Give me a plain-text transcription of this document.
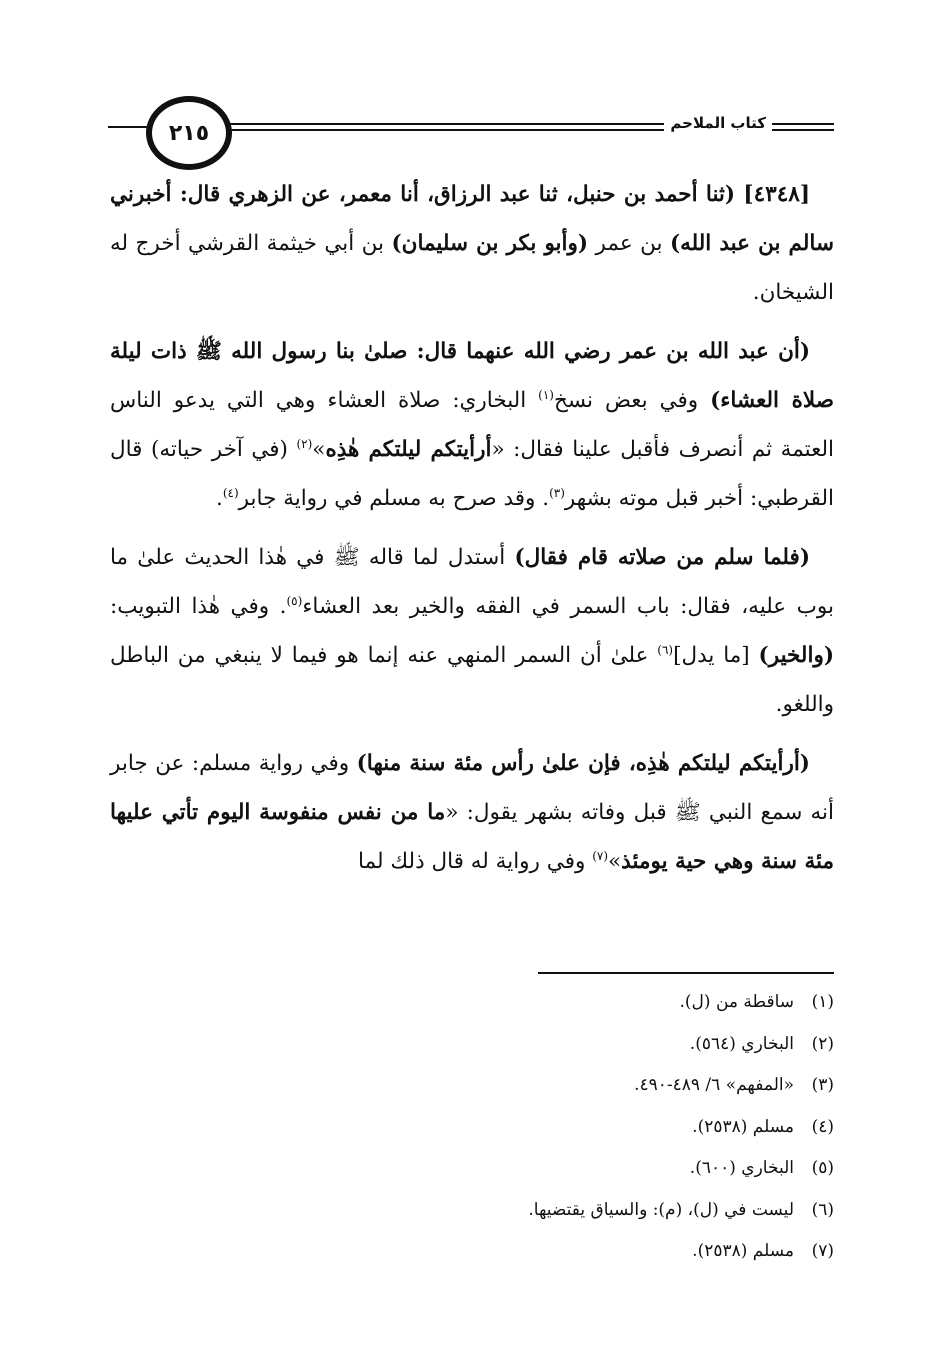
٢١٥	كتاب الملاحم

[٤٣٤٨] (ثنا أحمد بن حنبل، ثنا عبد الرزاق، أنا معمر، عن الزهري قال: أخبرني سالم بن عبد الله) بن عمر (وأبو بكر بن سليمان) بن أبي خيثمة القرشي أخرج له الشيخان.

(أن عبد الله بن عمر رضي الله عنهما قال: صلىٰ بنا رسول الله ﷺ ذات ليلة صلاة العشاء) وفي بعض نسخ$^{(١)}$ البخاري: صلاة العشاء وهي التي يدعو الناس العتمة ثم أنصرف فأقبل علينا فقال: «أرأيتكم ليلتكم هٰذِه»$^{(٢)}$ (في آخر حياته) قال القرطبي: أخبر قبل موته بشهر$^{(٣)}$. وقد صرح به مسلم في رواية جابر$^{(٤)}$.

(فلما سلم من صلاته قام فقال) أستدل لما قاله ﷺ في هٰذا الحديث علىٰ ما بوب عليه، فقال: باب السمر في الفقه والخير بعد العشاء$^{(٥)}$. وفي هٰذا التبويب: (والخير) [ما يدل]$^{(٦)}$ علىٰ أن السمر المنهي عنه إنما هو فيما لا ينبغي من الباطل واللغو.

(أرأيتكم ليلتكم هٰذِه، فإن علىٰ رأس مئة سنة منها) وفي رواية مسلم: عن جابر أنه سمع النبي ﷺ قبل وفاته بشهر يقول: «ما من نفس منفوسة اليوم تأتي عليها مئة سنة وهي حية يومئذ»$^{(٧)}$ وفي رواية له قال ذلك لما

(١)ساقطة من (ل).
(٢)البخاري (٥٦٤).
(٣)«المفهم» ٦/ ٤٨٩-٤٩٠.
(٤)مسلم (٢٥٣٨).
(٥)البخاري (٦٠٠).
(٦)ليست في (ل)، (م): والسياق يقتضيها.
(٧)مسلم (٢٥٣٨).
